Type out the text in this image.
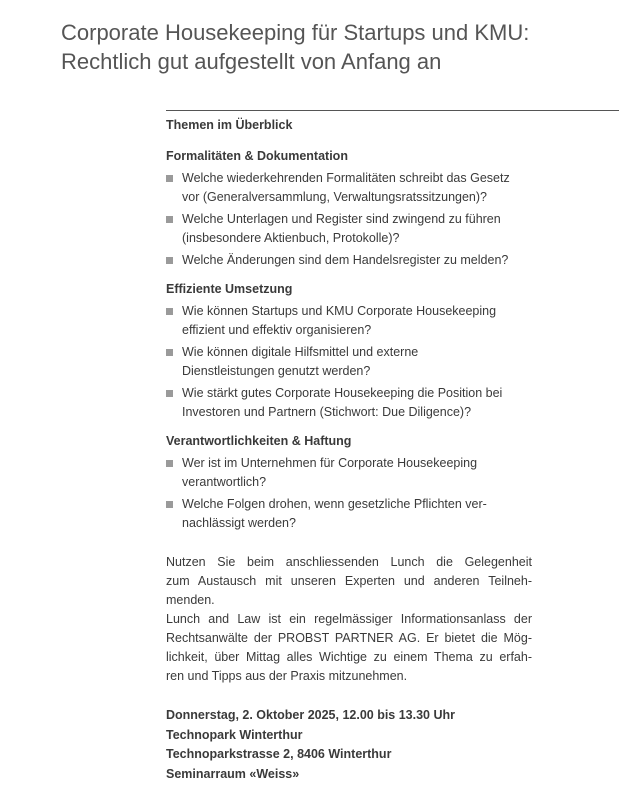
Corporate Housekeeping für Startups und KMU:
Rechtlich gut aufgestellt von Anfang an

Themen im Überblick

Formalitäten & Dokumentation

Welche wiederkehrenden Formalitäten schreibt das Gesetz
vor (Generalversammlung, Verwaltungsratssitzungen)?
Welche Unterlagen und Register sind zwingend zu führen
(insbesondere Aktienbuch, Protokolle)?
Welche Änderungen sind dem Handelsregister zu melden?

Effiziente Umsetzung

Wie können Startups und KMU Corporate Housekeeping
effizient und effektiv organisieren?
Wie können digitale Hilfsmittel und externe
Dienstleistungen genutzt werden?
Wie stärkt gutes Corporate Housekeeping die Position bei
Investoren und Partnern (Stichwort: Due Diligence)?

Verantwortlichkeiten & Haftung

Wer ist im Unternehmen für Corporate Housekeeping
verantwortlich?
Welche Folgen drohen, wenn gesetzliche Pflichten ver-
nachlässigt werden?
Nutzen Sie beim anschliessenden Lunch die Gelegenheit
zum Austausch mit unseren Experten und anderen Teilneh-
menden.
Lunch and Law ist ein regelmässiger Informationsanlass der
Rechtsanwälte der PROBST PARTNER AG. Er bietet die Mög-
lichkeit, über Mittag alles Wichtige zu einem Thema zu erfah-
ren und Tipps aus der Praxis mitzunehmen.
Donnerstag, 2. Oktober 2025, 12.00 bis 13.30 Uhr
Technopark Winterthur
Technoparkstrasse 2, 8406 Winterthur
Seminarraum «Weiss»
